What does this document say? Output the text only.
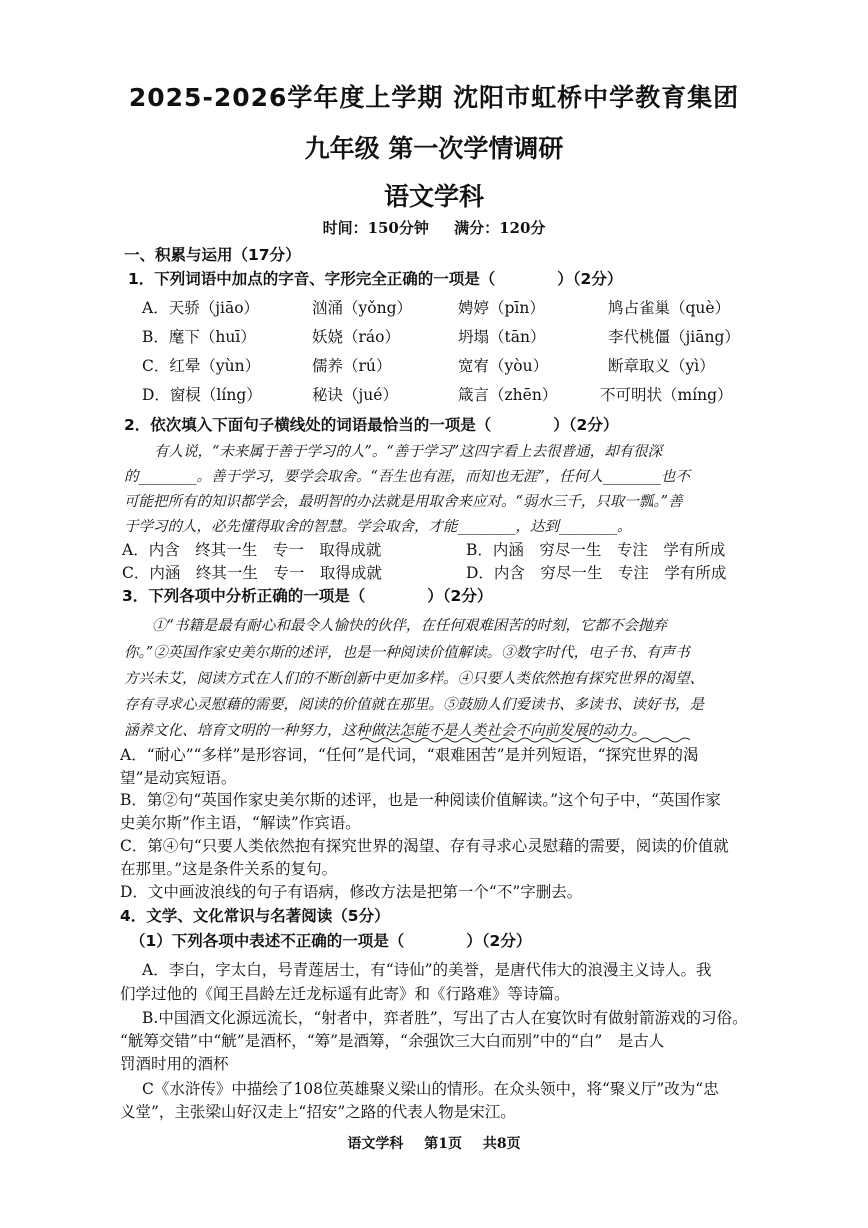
2025-2026学年度上学期 沈阳市虹桥中学教育集团
九年级 第一次学情调研
语文学科
时间：150分钟 满分：120分
一、积累与运用（17分）
1．下列词语中加点的字音、字形完全正确的一项是（　　　　）（2分）
A．天骄（jiāo）	汹涌（yǒng）	娉婷（pīn）	鸠占雀巢（què）
B．麾下（huī）	妖娆（ráo）	坍塌（tān）	李代桃僵（jiāng）
C．红晕（yùn）	儒养（rú）	宽宥（yòu）	断章取义（yì）
D．窗棂（líng）	秘诀（jué）	箴言（zhēn）	不可明状（míng）
2．依次填入下面句子横线处的词语最恰当的一项是（　　　　）（2分）
有人说，“未来属于善于学习的人”。“善于学习”这四字看上去很普通，却有很深
的________。善于学习，要学会取舍。“吾生也有涯，而知也无涯”，任何人________也不
可能把所有的知识都学会，最明智的办法就是用取舍来应对。“弱水三千，只取一瓢。”善
于学习的人，必先懂得取舍的智慧。学会取舍，才能________，达到________。
A．内含　终其一生　专一　取得成就	B．内涵　穷尽一生　专注　学有所成
C．内涵　终其一生　专一　取得成就	D．内含　穷尽一生　专注　学有所成
3．下列各项中分析正确的一项是（　　　　）（2分）
①“书籍是最有耐心和最令人愉快的伙伴，在任何艰难困苦的时刻，它都不会抛弃
你。”②英国作家史美尔斯的述评，也是一种阅读价值解读。③数字时代，电子书、有声书
方兴未艾，阅读方式在人们的不断创新中更加多样。④只要人类依然抱有探究世界的渴望、
存有寻求心灵慰藉的需要，阅读的价值就在那里。⑤鼓励人们爱读书、多读书、读好书，是
涵养文化、培育文明的一种努力，这种做法怎能不是人类社会不向前发展的动力。
A．“耐心”“多样”是形容词，“任何”是代词，“艰难困苦”是并列短语，“探究世界的渴
望”是动宾短语。
B．第②句“英国作家史美尔斯的述评，也是一种阅读价值解读。”这个句子中，“英国作家
史美尔斯”作主语，“解读”作宾语。
C．第④句“只要人类依然抱有探究世界的渴望、存有寻求心灵慰藉的需要，阅读的价值就
在那里。”这是条件关系的复句。
D．文中画波浪线的句子有语病，修改方法是把第一个“不”字删去。
4．文学、文化常识与名著阅读（5分）
（1）下列各项中表述不正确的一项是（　　　　）（2分）
A．李白，字太白，号青莲居士，有“诗仙”的美誉，是唐代伟大的浪漫主义诗人。我
们学过他的《闻王昌龄左迁龙标遥有此寄》和《行路难》等诗篇。
B.中国酒文化源远流长，“射者中，弈者胜”，写出了古人在宴饮时有做射箭游戏的习俗。
“觥筹交错”中“觥”是酒杯，“筹”是酒筹，“余强饮三大白而别”中的“白”　是古人
罚酒时用的酒杯
C《水浒传》中描绘了108位英雄聚义梁山的情形。在众头领中，将“聚义厅”改为“忠
义堂”，主张梁山好汉走上“招安”之路的代表人物是宋江。
语文学科 第1页 共8页
